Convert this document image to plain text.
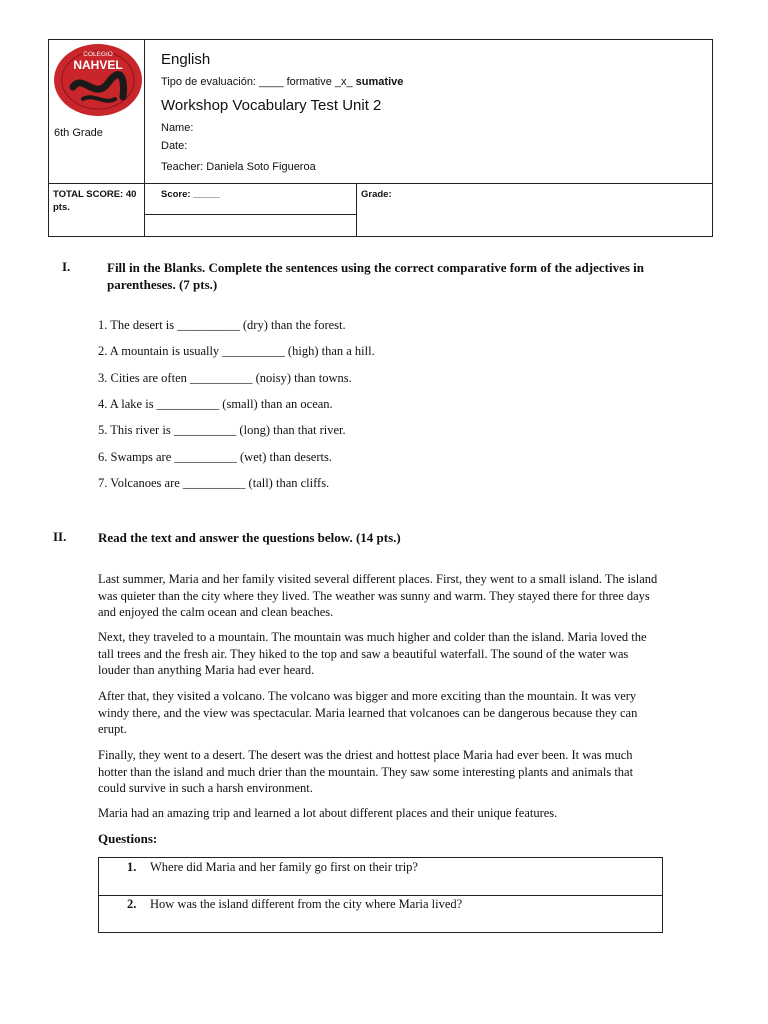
COLEGIO
NAHVEL
6th Grade
English
Tipo de evaluación: ____ formative _x_ sumative
Workshop Vocabulary Test Unit 2
Name:
Date:
Teacher: Daniela Soto Figueroa
TOTAL SCORE: 40 pts.
Score: _____	Grade:
I.	Fill in the Blanks. Complete the sentences using the correct comparative form of the adjectives in parentheses. (7 pts.)
1. The desert is __________ (dry) than the forest.
2. A mountain is usually __________ (high) than a hill.
3. Cities are often __________ (noisy) than towns.
4. A lake is __________ (small) than an ocean.
5. This river is __________ (long) than that river.
6. Swamps are __________ (wet) than deserts.
7. Volcanoes are __________ (tall) than cliffs.
II. Read the text and answer the questions below. (14 pts.)

Last summer, Maria and her family visited several different places. First, they went to a small island. The island was quieter than the city where they lived. The weather was sunny and warm. They stayed there for three days and enjoyed the calm ocean and clean beaches.

Next, they traveled to a mountain. The mountain was much higher and colder than the island. Maria loved the tall trees and the fresh air. They hiked to the top and saw a beautiful waterfall. The sound of the water was louder than anything Maria had ever heard.

After that, they visited a volcano. The volcano was bigger and more exciting than the mountain. It was very windy there, and the view was spectacular. Maria learned that volcanoes can be dangerous because they can erupt.

Finally, they went to a desert. The desert was the driest and hottest place Maria had ever been. It was much hotter than the island and much drier than the mountain. They saw some interesting plants and animals that could survive in such a harsh environment.

Maria had an amazing trip and learned a lot about different places and their unique features.

Questions:
1. Where did Maria and her family go first on their trip?
2. How was the island different from the city where Maria lived?
